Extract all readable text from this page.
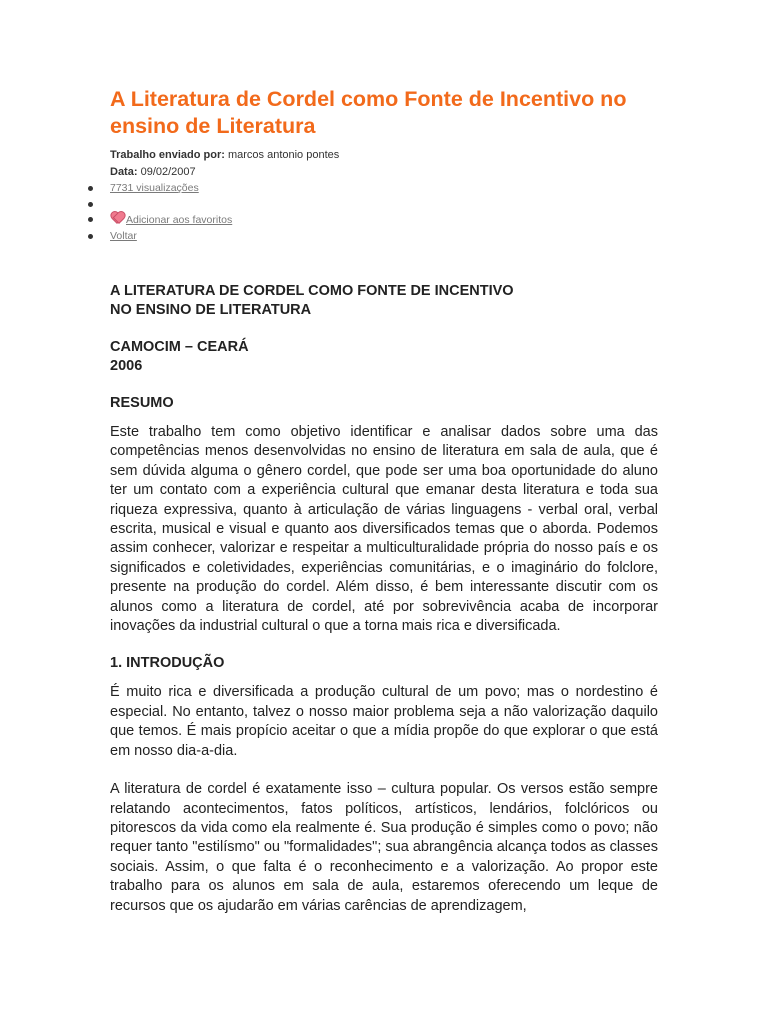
A Literatura de Cordel como Fonte de Incentivo no ensino de Literatura
Trabalho enviado por: marcos antonio pontes
Data: 09/02/2007
7731 visualizações
Adicionar aos favoritos
Voltar

A LITERATURA DE CORDEL COMO FONTE DE INCENTIVO

NO ENSINO DE LITERATURA

CAMOCIM – CEARÁ

2006

RESUMO

Este trabalho tem como objetivo identificar e analisar dados sobre uma das competências menos desenvolvidas no ensino de literatura em sala de aula, que é sem dúvida alguma o gênero cordel, que pode ser uma boa oportunidade do aluno ter um contato com a experiência cultural que emanar desta literatura e toda sua riqueza expressiva, quanto à articulação de várias linguagens - verbal oral, verbal escrita, musical e visual e quanto aos diversificados temas que o aborda. Podemos assim conhecer, valorizar e respeitar a multiculturalidade própria do nosso país e os significados e coletividades, experiências comunitárias, e o imaginário do folclore, presente na produção do cordel. Além disso, é bem interessante discutir com os alunos como a literatura de cordel, até por sobrevivência acaba de incorporar inovações da industrial cultural o que a torna mais rica e diversificada.

1. INTRODUÇÃO

É muito rica e diversificada a produção cultural de um povo; mas o nordestino é especial. No entanto, talvez o nosso maior problema seja a não valorização daquilo que temos. É mais propício aceitar o que a mídia propõe do que explorar o que está em nosso dia-a-dia.

A literatura de cordel é exatamente isso – cultura popular. Os versos estão sempre relatando acontecimentos, fatos políticos, artísticos, lendários, folclóricos ou pitorescos da vida como ela realmente é. Sua produção é simples como o povo; não requer tanto "estilísmo" ou "formalidades"; sua abrangência alcança todos as classes sociais. Assim, o que falta é o reconhecimento e a valorização. Ao propor este trabalho para os alunos em sala de aula, estaremos oferecendo um leque de recursos que os ajudarão em várias carências de aprendizagem,
